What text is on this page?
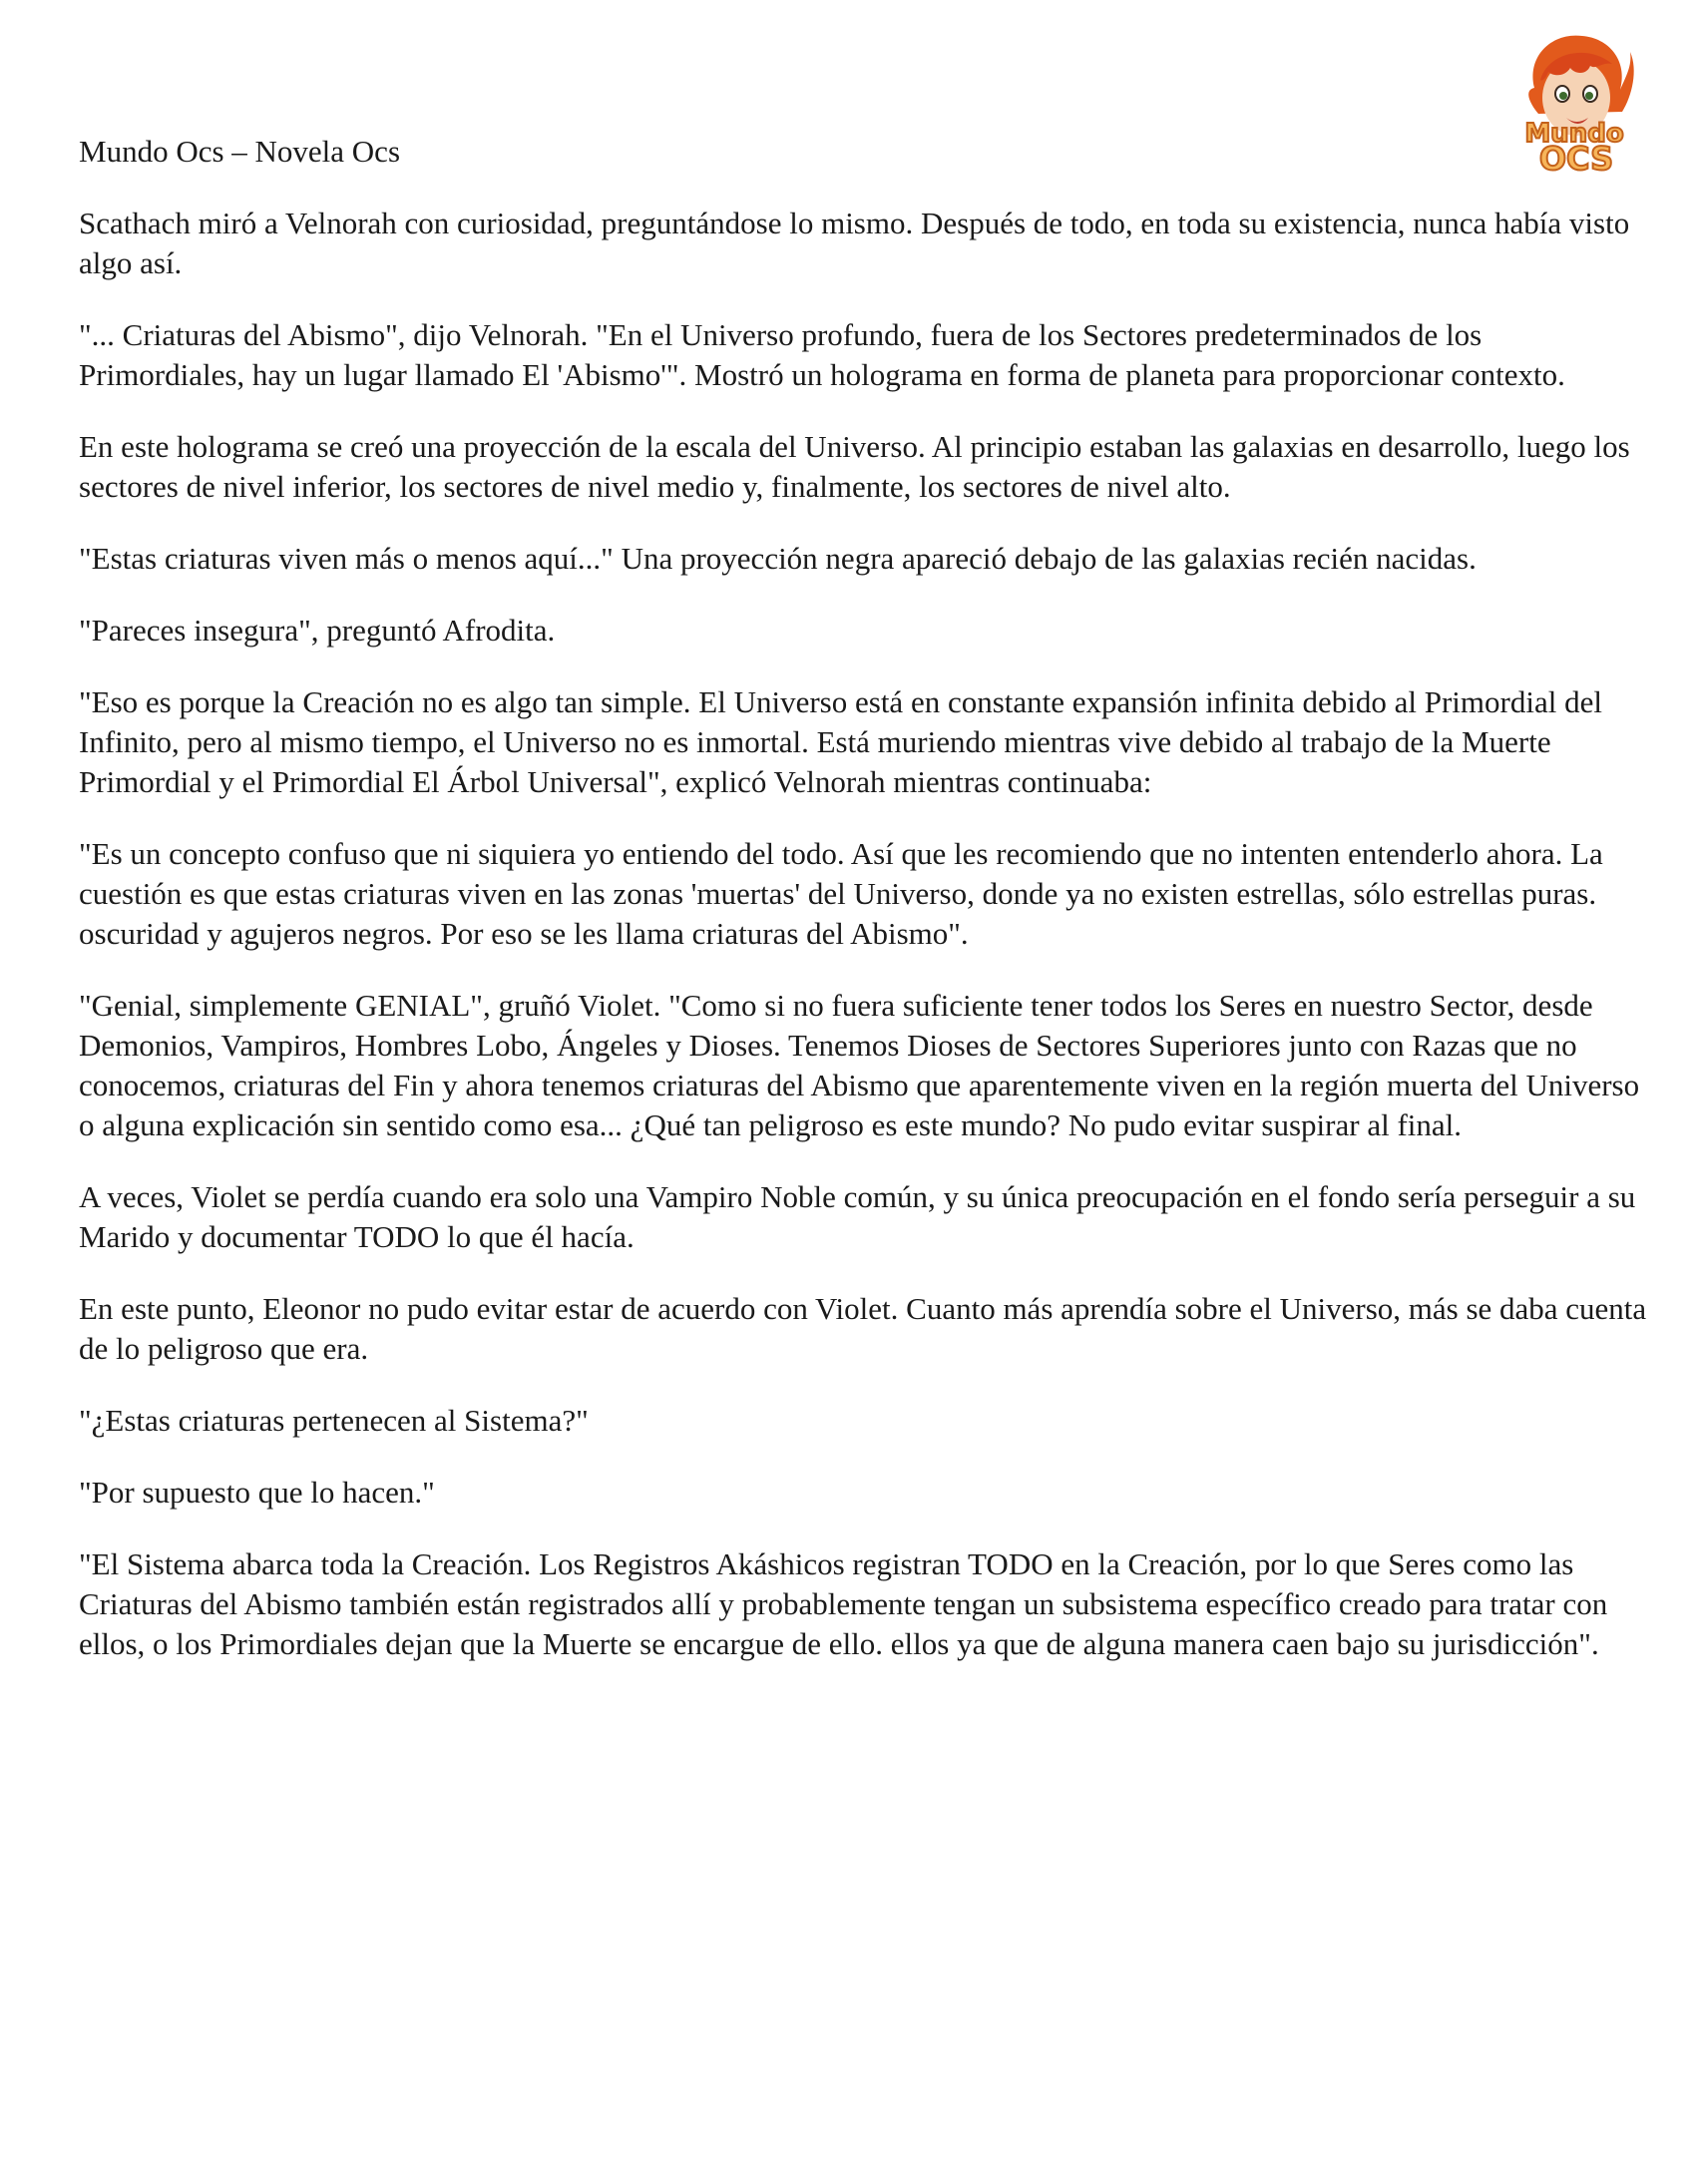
Mundo Ocs – Novela Ocs	Mundo
OCS

Scathach miró a Velnorah con curiosidad, preguntándose lo mismo. Después de todo, en toda su existencia, nunca había visto algo así.

"... Criaturas del Abismo", dijo Velnorah. "En el Universo profundo, fuera de los Sectores predeterminados de los Primordiales, hay un lugar llamado El 'Abismo'". Mostró un holograma en forma de planeta para proporcionar contexto.

En este holograma se creó una proyección de la escala del Universo. Al principio estaban las galaxias en desarrollo, luego los sectores de nivel inferior, los sectores de nivel medio y, finalmente, los sectores de nivel alto.

"Estas criaturas viven más o menos aquí..." Una proyección negra apareció debajo de las galaxias recién nacidas.

"Pareces insegura", preguntó Afrodita.

"Eso es porque la Creación no es algo tan simple. El Universo está en constante expansión infinita debido al Primordial del Infinito, pero al mismo tiempo, el Universo no es inmortal. Está muriendo mientras vive debido al trabajo de la Muerte Primordial y el Primordial El Árbol Universal", explicó Velnorah mientras continuaba:

"Es un concepto confuso que ni siquiera yo entiendo del todo. Así que les recomiendo que no intenten entenderlo ahora. La cuestión es que estas criaturas viven en las zonas 'muertas' del Universo, donde ya no existen estrellas, sólo estrellas puras. oscuridad y agujeros negros. Por eso se les llama criaturas del Abismo".

"Genial, simplemente GENIAL", gruñó Violet. "Como si no fuera suficiente tener todos los Seres en nuestro Sector, desde Demonios, Vampiros, Hombres Lobo, Ángeles y Dioses. Tenemos Dioses de Sectores Superiores junto con Razas que no conocemos, criaturas del Fin y ahora tenemos criaturas del Abismo que aparentemente viven en la región muerta del Universo o alguna explicación sin sentido como esa... ¿Qué tan peligroso es este mundo? No pudo evitar suspirar al final.

A veces, Violet se perdía cuando era solo una Vampiro Noble común, y su única preocupación en el fondo sería perseguir a su Marido y documentar TODO lo que él hacía.

En este punto, Eleonor no pudo evitar estar de acuerdo con Violet. Cuanto más aprendía sobre el Universo, más se daba cuenta de lo peligroso que era.

"¿Estas criaturas pertenecen al Sistema?"

"Por supuesto que lo hacen."

"El Sistema abarca toda la Creación. Los Registros Akáshicos registran TODO en la Creación, por lo que Seres como las Criaturas del Abismo también están registrados allí y probablemente tengan un subsistema específico creado para tratar con ellos, o los Primordiales dejan que la Muerte se encargue de ello. ellos ya que de alguna manera caen bajo su jurisdicción".
